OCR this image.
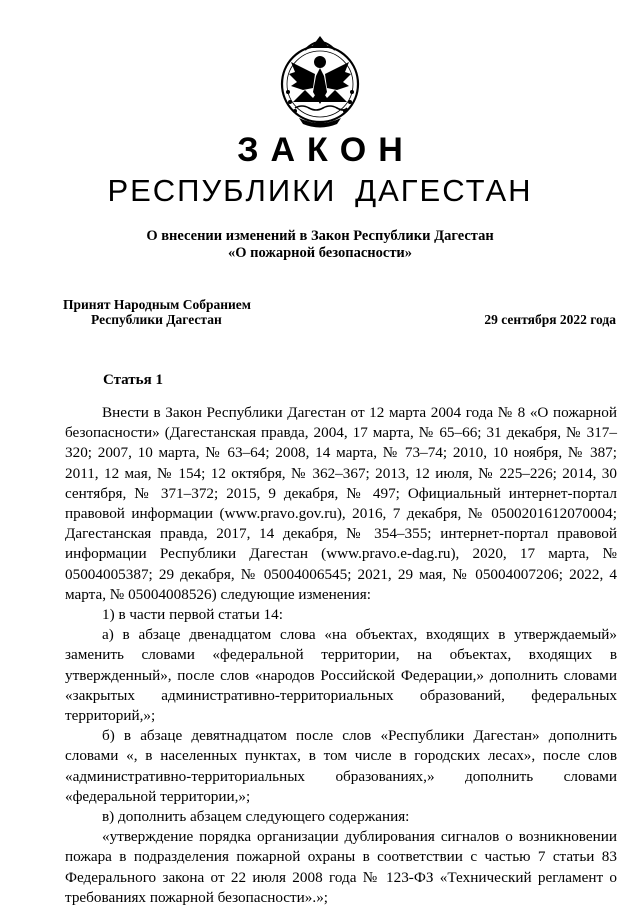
ЗАКОН
РЕСПУБЛИКИ ДАГЕСТАН
О внесении изменений в Закон Республики Дагестан
«О пожарной безопасности»
Принят Народным Собранием
Республики Дагестан	29 сентября 2022 года
Статья 1

Внести в Закон Республики Дагестан от 12 марта 2004 года № 8 «О пожарной безопасности» (Дагестанская правда, 2004, 17 марта, № 65–66; 31 декабря, № 317–320; 2007, 10 марта, № 63–64; 2008, 14 марта, № 73–74; 2010, 10 ноября, № 387; 2011, 12 мая, № 154; 12 октября, № 362–367; 2013, 12 июля, № 225–226; 2014, 30 сентября, № 371–372; 2015, 9 декабря, № 497; Официальный интернет-портал правовой информации (www.pravo.gov.ru), 2016, 7 декабря, № 0500201612070004; Дагестанская правда, 2017, 14 декабря, № 354–355; интернет-портал правовой информации Республики Дагестан (www.pravo.e-dag.ru), 2020, 17 марта, № 05004005387; 29 декабря, № 05004006545; 2021, 29 мая, № 05004007206; 2022, 4 марта, № 05004008526) следующие изменения:

1) в части первой статьи 14:

а) в абзаце двенадцатом слова «на объектах, входящих в утверждаемый» заменить словами «федеральной территории, на объектах, входящих в утвержденный», после слов «народов Российской Федерации,» дополнить словами «закрытых административно-территориальных образований, федеральных территорий,»;

б) в абзаце девятнадцатом после слов «Республики Дагестан» дополнить словами «, в населенных пунктах, в том числе в городских лесах», после слов «административно-территориальных образованиях,» дополнить словами «федеральной территории,»;

в) дополнить абзацем следующего содержания:

«утверждение порядка организации дублирования сигналов о возникновении пожара в подразделения пожарной охраны в соответствии с частью 7 статьи 83 Федерального закона от 22 июля 2008 года № 123-ФЗ «Технический регламент о требованиях пожарной безопасности».»;
